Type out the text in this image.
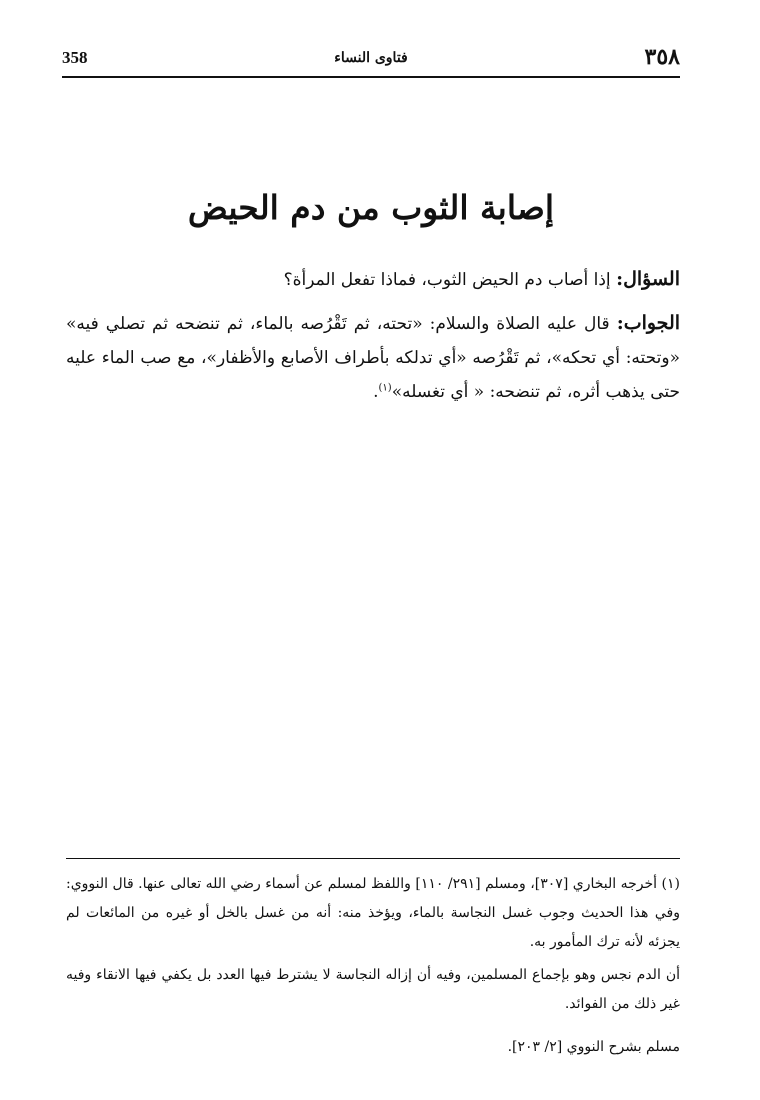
358	فتاوى النساء	٣٥٨
إصابة الثوب من دم الحيض
السؤال: إذا أصاب دم الحيض الثوب، فماذا تفعل المرأة؟
الجواب: قال عليه الصلاة والسلام: «تحته، ثم تَقْرُصه بالماء، ثم تنضحه ثم تصلي فيه» «وتحته: أي تحكه»، ثم تَقْرُصه «أي تدلكه بأطراف الأصابع والأظفار»، مع صب الماء عليه حتى يذهب أثره، ثم تنضحه: « أي تغسله»$^{(١)}$.

(١) أخرجه البخاري [٣٠٧]، ومسلم [٢٩١/ ١١٠] واللفظ لمسلم عن أسماء رضي الله تعالى عنها. قال النووي: وفي هذا الحديث وجوب غسل النجاسة بالماء، ويؤخذ منه: أنه من غسل بالخل أو غيره من المائعات لم يجزئه لأنه ترك المأمور به.

أن الدم نجس وهو بإجماع المسلمين، وفيه أن إزاله النجاسة لا يشترط فيها العدد بل يكفي فيها الانقاء وفيه غير ذلك من الفوائد.

مسلم بشرح النووي [٢/ ٢٠٣].
